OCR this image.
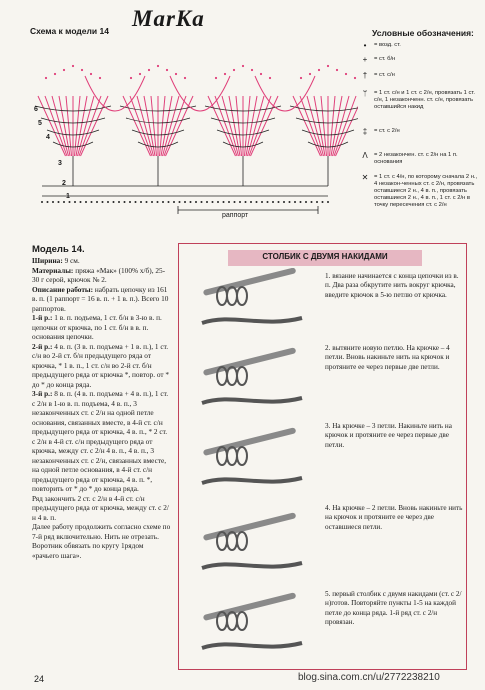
MarKa
Схема к модели 14
раппорт
6
5
4
3
2
1
Условные обозначения:
•	= возд. ст.
+	= ст. б/н
†	= ст. с/н
ᛘ	= 1 ст. с/н и 1 ст. с 2/н, провязать 1 ст. с/н, 1 незаконченн. ст. с/н, провязать оставшийся накид
‡	= ст. с 2/н
Λ	= 2 незакончен. ст. с 2/н на 1 п. основания
✕ = 1 ст. с 4/н, по которому сначала 2 н., 4 незакон-ченных ст. с 2/н, провязать оставшиеся 2 н., 4 в. п., провязать оставшиеся 2 н., 4 в. п., 1 ст. с 2/н в точку пересечения ст. с 2/н
Модель 14.

Ширина: 9 см.

Материалы: пряжа «Мак» (100% х/б), 25-30 г серой, крючок № 2.

Описание работы: набрать цепочку из 161 в. п. (1 раппорт = 16 в. п. + 1 в. п.). Всего 10 раппортов.

1-й р.: 1 в. п. подъема, 1 ст. б/н в 3-ю в. п. цепочки от крючка, по 1 ст. б/н в в. п. основания цепочки.

2-й р.: 4 в. п. (3 в. п. подъема + 1 в. п.), 1 ст. с/н во 2-й ст. б/н предыдущего ряда от крючка, * 1 в. п., 1 ст. с/н во 2-й ст. б/н предыдущего ряда от крючка *, повтор. от * до * до конца ряда.

3-й р.: 8 в. п. (4 в. п. подъема + 4 в. п.), 1 ст. с 2/н в 1-ю в. п. подъема, 4 в. п., 3 незаконченных ст. с 2/н на одной петле основания, связанных вместе, в 4-й ст. с/н предыдущего ряда от крючка, 4 в. п., * 2 ст. с 2/н в 4-й ст. с/н предыдущего ряда от крючка, между ст. с 2/н 4 в. п., 4 в. п., 3 незаконченных ст. с 2/н, связанных вместе, на одной петле основания, в 4-й ст. с/н предыдущего ряда от крючка, 4 в. п. *, повторить от * до * до конца ряда.

Ряд закончить 2 ст. с 2/н в 4-й ст. с/н предыдущего ряда от крючка, между ст. с 2/н 4 в. п.

Далее работу продолжить согласно схеме по 7-й ряд включительно. Нить не отрезать.

Воротник обвязать по кругу 1рядом «рачьего шага».

СТОЛБИК С ДВУМЯ НАКИДАМИ
1. вязание начинается с конца цепочки из в. п. Два раза обкрутите нить вокруг крючка, введите крючок в 5-ю петлю от крючка.
2. вытяните новую петлю. На крючке – 4 петли. Вновь накиньте нить на крючок и протяните ее через первые две петли.
3. На крючке – 3 петли. Накиньте нить на крючок и протяните ее через первые две петли.
4. На крючке – 2 петли. Вновь накиньте нить на крючок и протяните ее через две оставшиеся петли.
5. первый столбик с двумя накидами (ст. с 2/н)готов. Повторяйте пункты 1-5 на каждой петле до конца ряда. 1-й ряд ст. с 2/н провязан.
24	blog.sina.com.cn/u/2772238210
